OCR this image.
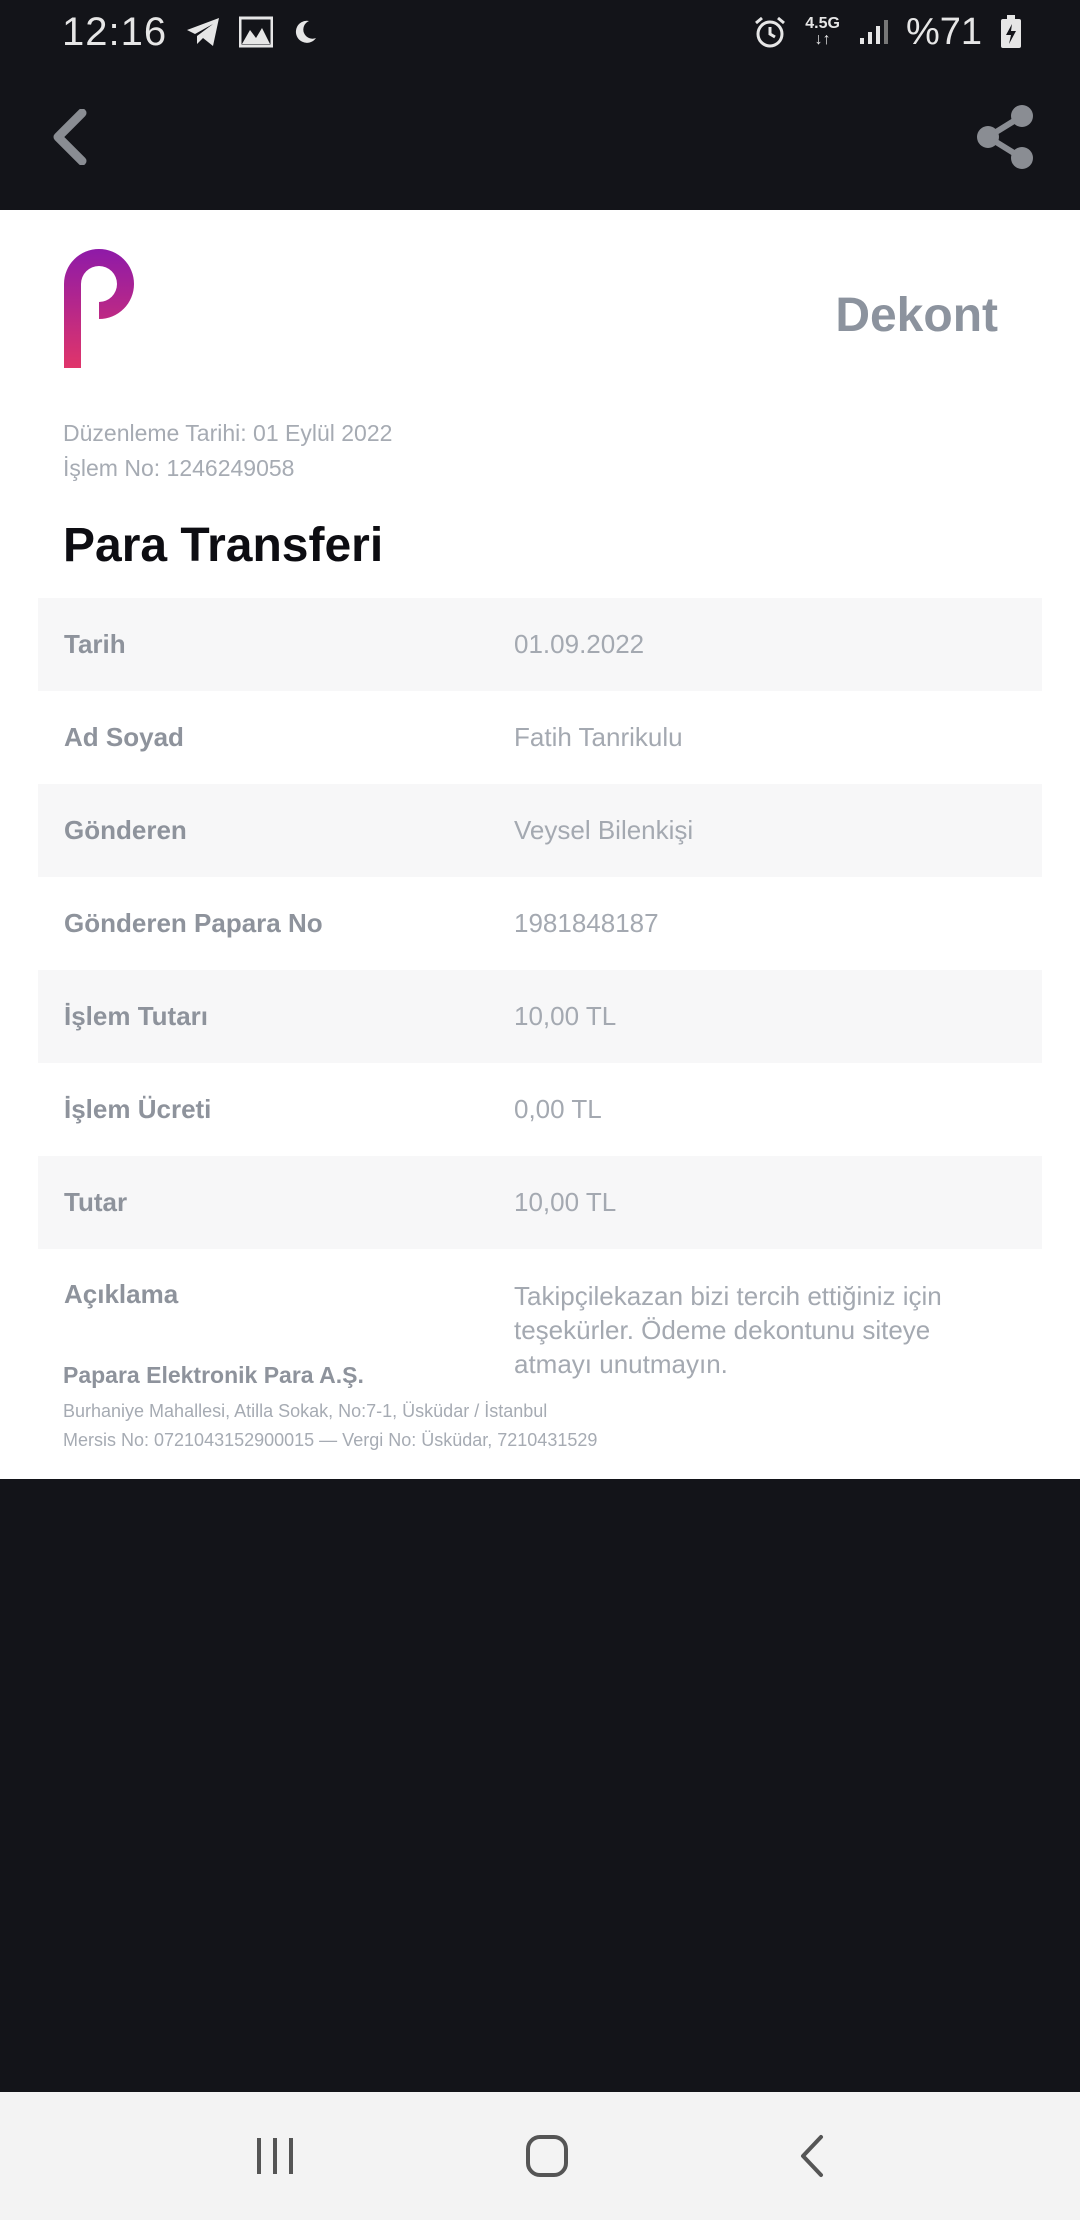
12:16	4.5G
↓↑ %71
Dekont
Düzenleme Tarihi: 01 Eylül 2022
İşlem No: 1246249058
Para Transferi
Tarih	01.09.2022
Ad Soyad	Fatih Tanrikulu
Gönderen	Veysel Bilenkişi
Gönderen Papara No	1981848187
İşlem Tutarı	10,00 TL
İşlem Ücreti	0,00 TL
Tutar	10,00 TL
Açıklama	Takipçilekazan bizi tercih ettiğiniz için teşekürler. Ödeme dekontunu siteye atmayı unutmayın.
Papara Elektronik Para A.Ş.
Burhaniye Mahallesi, Atilla Sokak, No:7-1, Üsküdar / İstanbul
Mersis No: 0721043152900015 — Vergi No: Üsküdar, 7210431529
